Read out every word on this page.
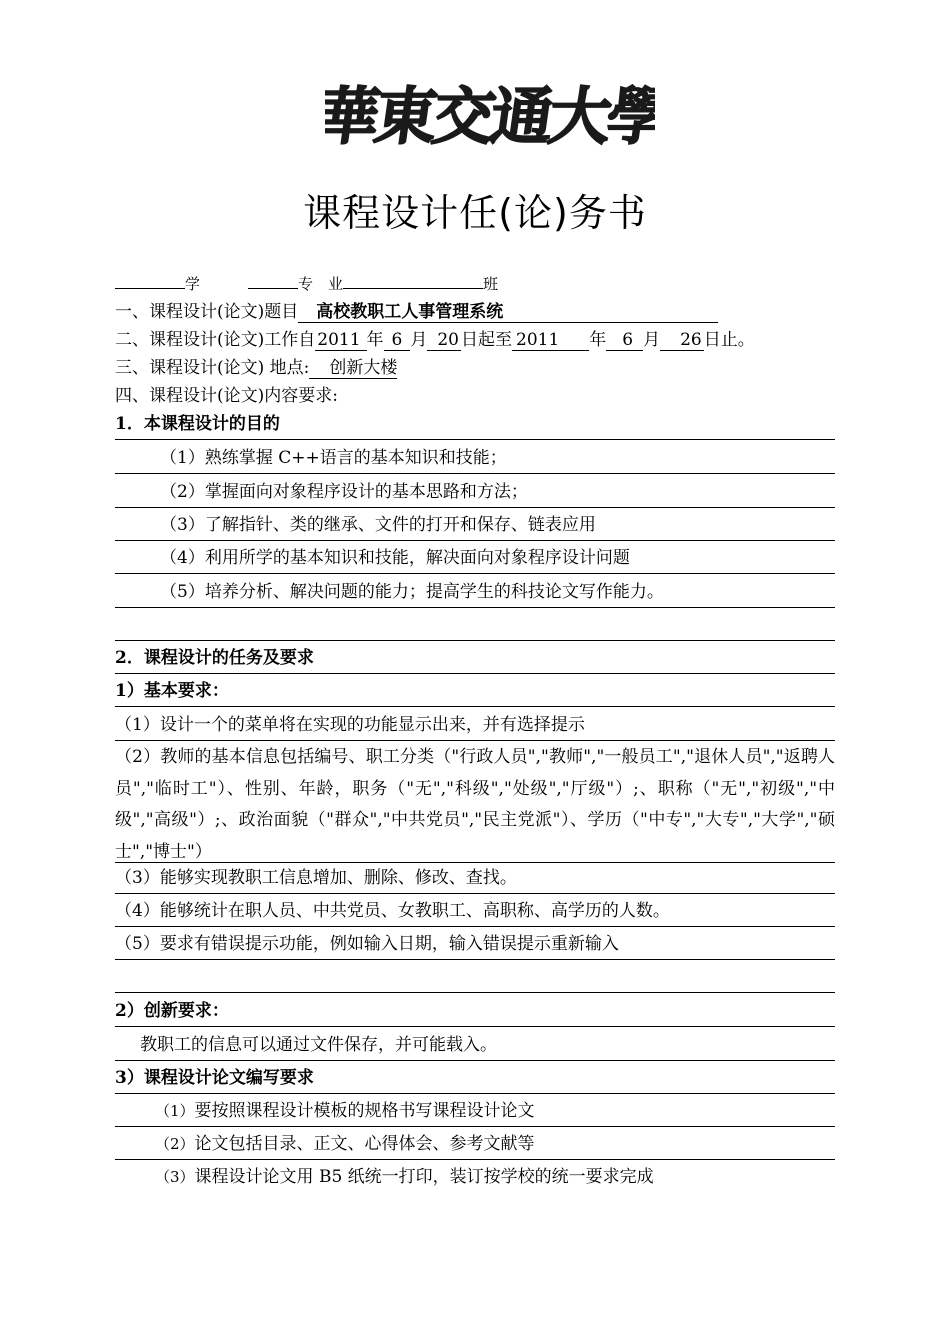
華東交通大學
课程设计任(论)务书
学	专　业	班
一、课程设计(论文)题目 高校教职工人事管理系统
二、课程设计(论文)工作自 2011 年 6 月 20 日起至 2011 年 6 月 26 日止。
三、课程设计(论文) 地点: 创新大楼
四、课程设计(论文)内容要求:
1．本课程设计的目的
（1）熟练掌握 C++语言的基本知识和技能；
（2）掌握面向对象程序设计的基本思路和方法；
（3）了解指针、类的继承、文件的打开和保存、链表应用
（4）利用所学的基本知识和技能，解决面向对象程序设计问题
（5）培养分析、解决问题的能力；提高学生的科技论文写作能力。
2．课程设计的任务及要求
1）基本要求：
（1）设计一个的菜单将在实现的功能显示出来，并有选择提示
（2）教师的基本信息包括编号、职工分类（"行政人员","教师","一般员工","退休人员","返聘人员","临时工"）、性别、年龄，职务（"无","科级","处级","厅级"）;、职称（"无","初级","中级","高级"）;、政治面貌（"群众","中共党员","民主党派"）、学历（"中专","大专","大学","硕士","博士"）
（3）能够实现教职工信息增加、删除、修改、查找。
（4）能够统计在职人员、中共党员、女教职工、高职称、高学历的人数。
（5）要求有错误提示功能，例如输入日期，输入错误提示重新输入
2）创新要求：
教职工的信息可以通过文件保存，并可能载入。
3）课程设计论文编写要求
（1）要按照课程设计模板的规格书写课程设计论文
（2）论文包括目录、正文、心得体会、参考文献等
（3）课程设计论文用 B5 纸统一打印，装订按学校的统一要求完成
